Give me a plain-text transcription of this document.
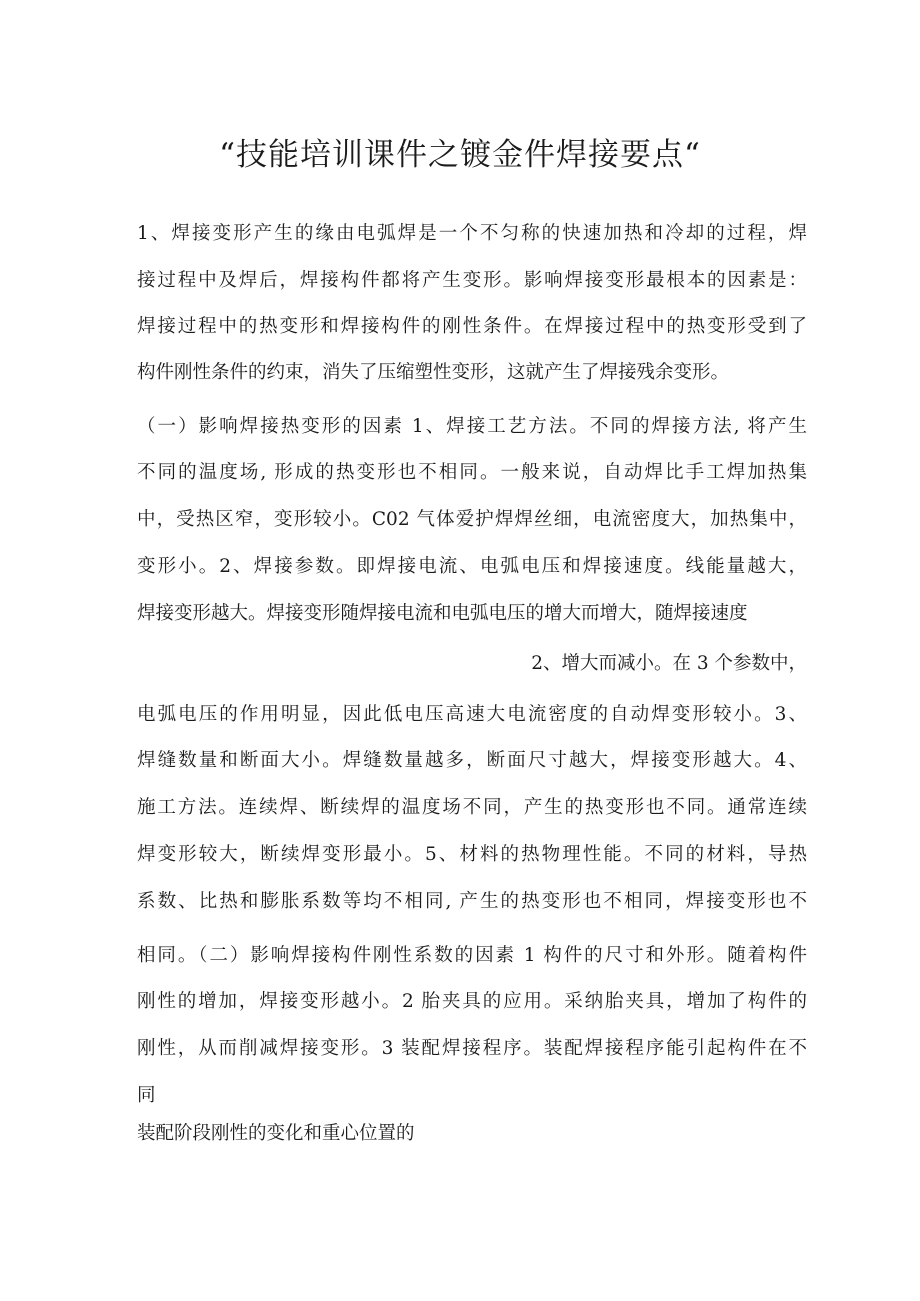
“技能培训课件之镀金件焊接要点“
1、焊接变形产生的缘由电弧焊是一个不匀称的快速加热和冷却的过程，焊
接过程中及焊后，焊接构件都将产生变形。影响焊接变形最根本的因素是：
焊接过程中的热变形和焊接构件的刚性条件。在焊接过程中的热变形受到了
构件刚性条件的约束，消失了压缩塑性变形，这就产生了焊接残余变形。
（一）影响焊接热变形的因素 1、焊接工艺方法。不同的焊接方法, 将产生
不同的温度场, 形成的热变形也不相同。一般来说，自动焊比手工焊加热集
中，受热区窄，变形较小。C02 气体爱护焊焊丝细，电流密度大，加热集中，
变形小。2、焊接参数。即焊接电流、电弧电压和焊接速度。线能量越大，
焊接变形越大。焊接变形随焊接电流和电弧电压的增大而增大，随焊接速度
2、增大而减小。在 3 个参数中，
电弧电压的作用明显，因此低电压高速大电流密度的自动焊变形较小。3、
焊缝数量和断面大小。焊缝数量越多，断面尺寸越大，焊接变形越大。4、
施工方法。连续焊、断续焊的温度场不同，产生的热变形也不同。通常连续
焊变形较大，断续焊变形最小。5、材料的热物理性能。不同的材料，导热
系数、比热和膨胀系数等均不相同, 产生的热变形也不相同，焊接变形也不
相同。（二）影响焊接构件刚性系数的因素 1 构件的尺寸和外形。随着构件
刚性的增加，焊接变形越小。2 胎夹具的应用。采纳胎夹具，增加了构件的
刚性，从而削减焊接变形。3 装配焊接程序。装配焊接程序能引起构件在不
同
装配阶段刚性的变化和重心位置的
